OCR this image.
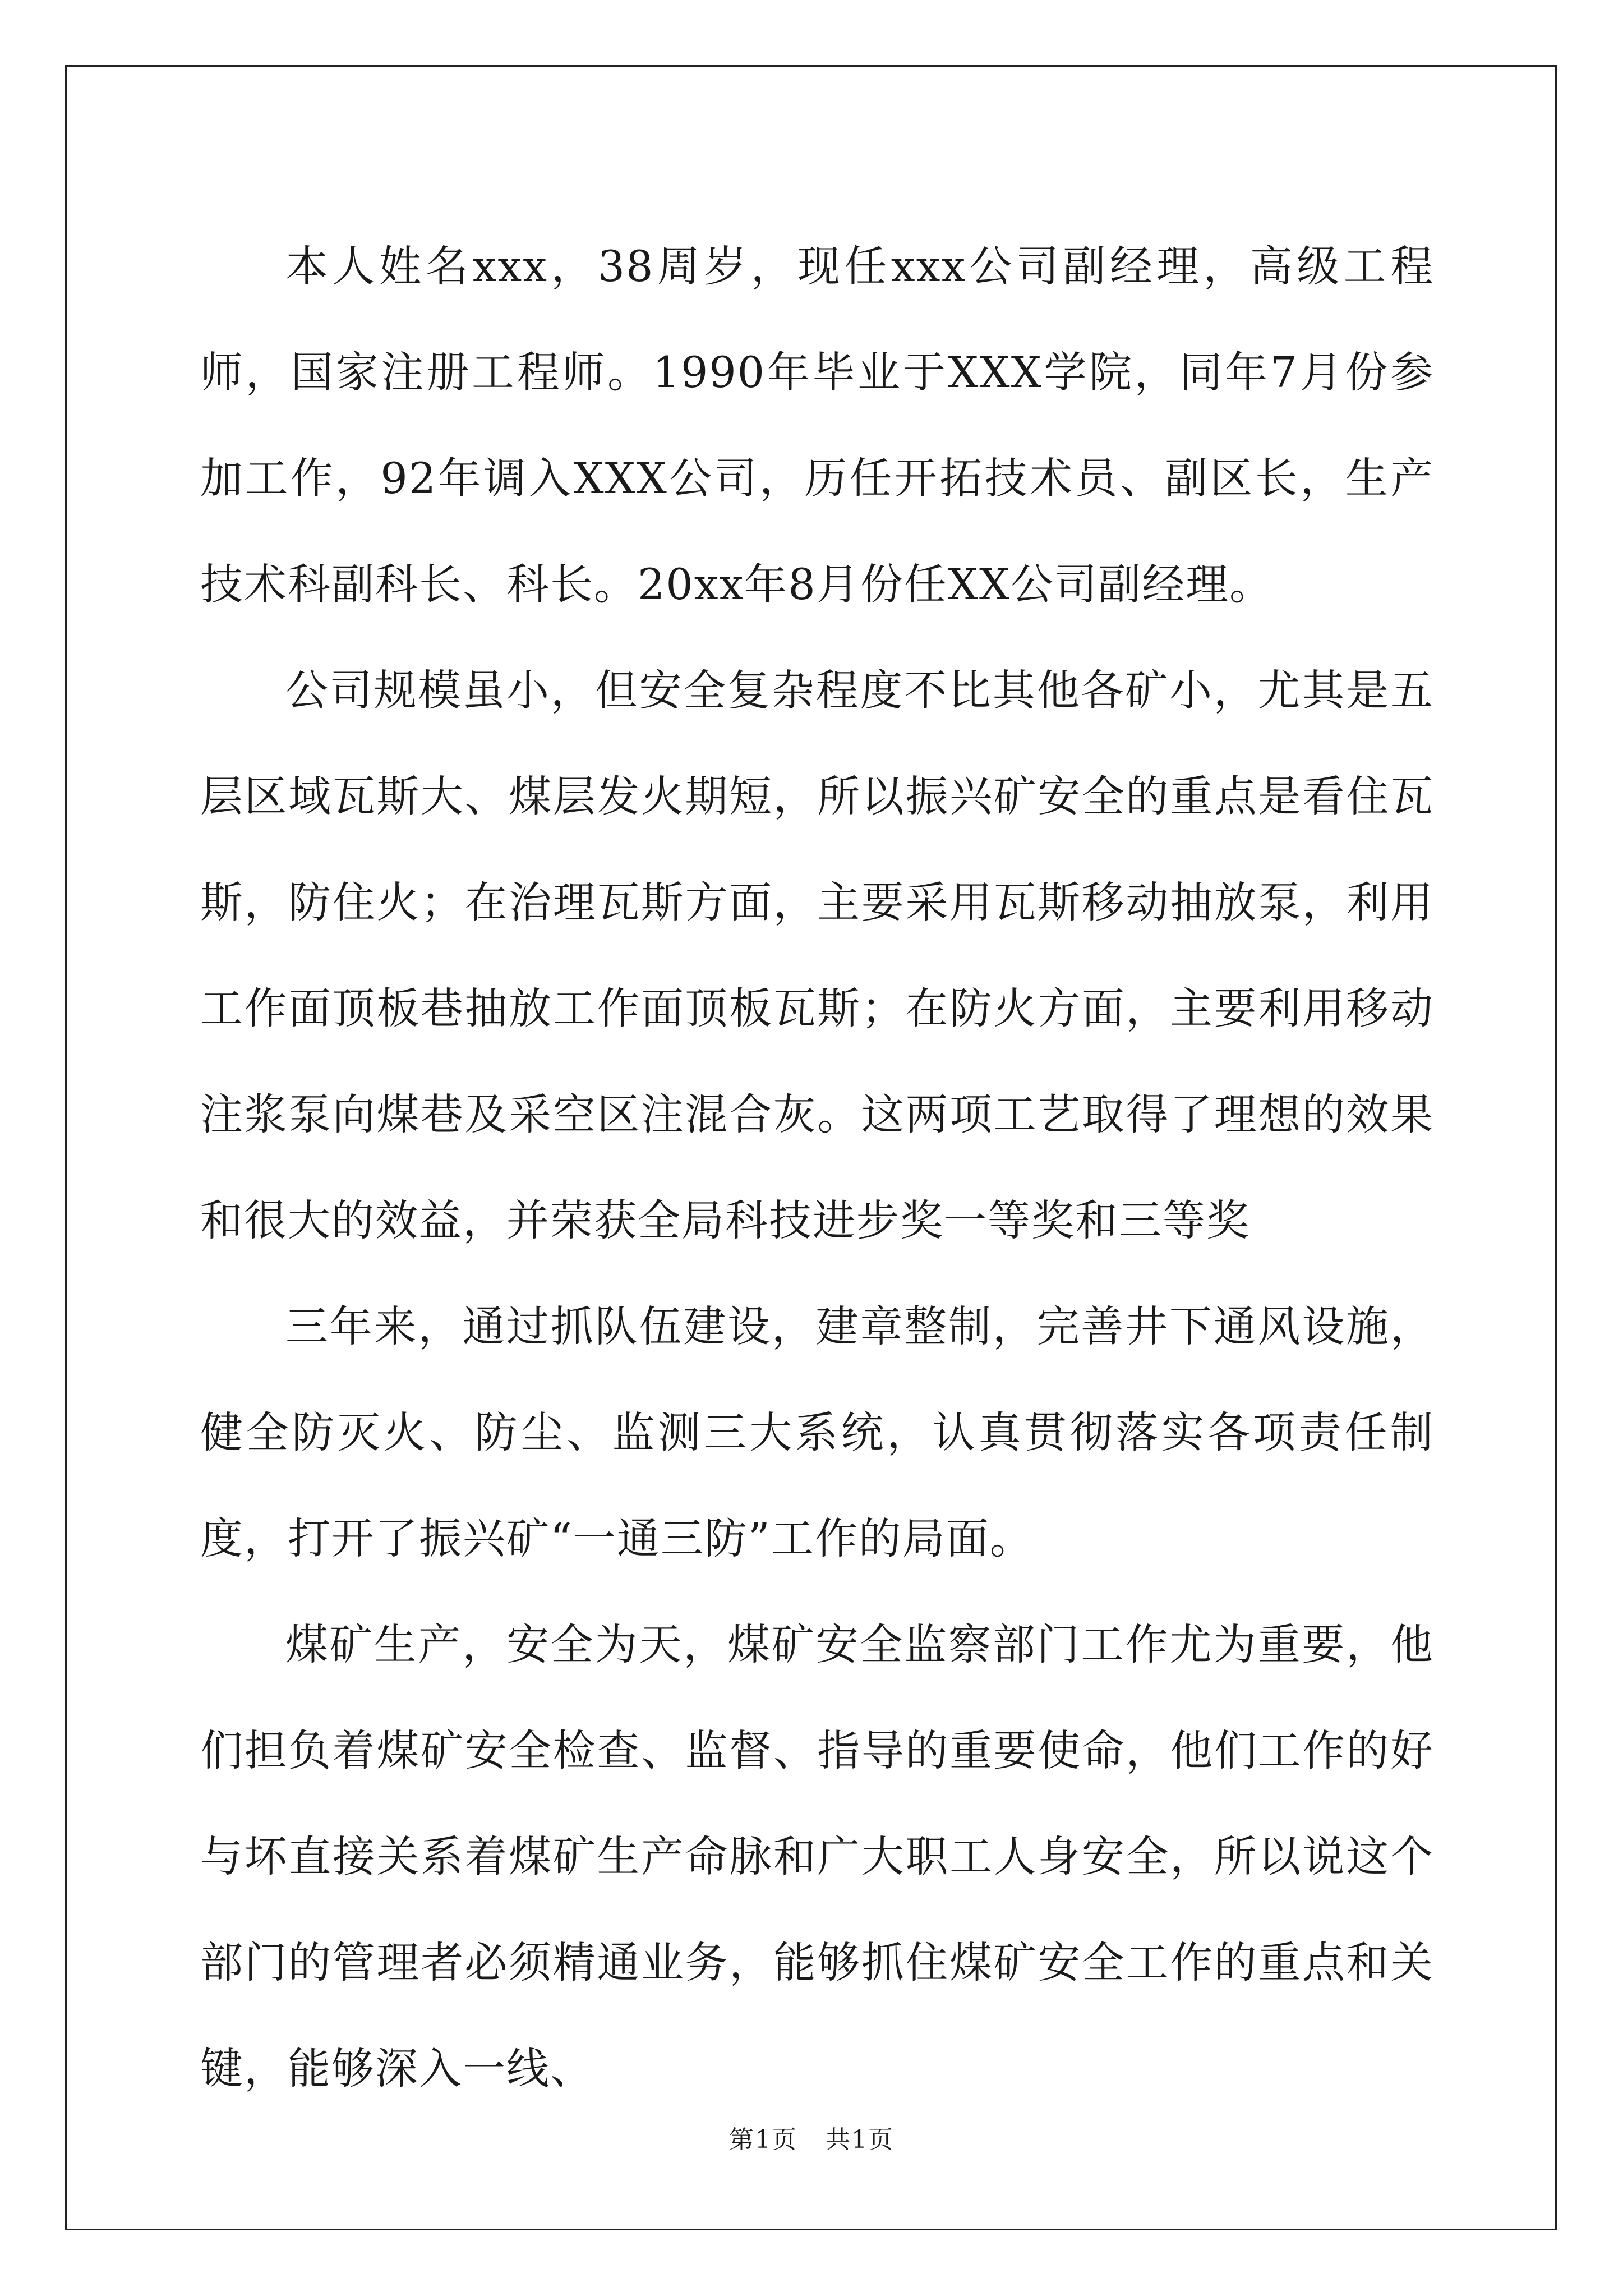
本人姓名xxx，38周岁，现任xxx公司副经理，高级工程师，国家注册工程师。1990年毕业于XXX学院，同年7月份参加工作，92年调入XXX公司，历任开拓技术员、副区长，生产技术科副科长、科长。20xx年8月份任XX公司副经理。

公司规模虽小，但安全复杂程度不比其他各矿小，尤其是五层区域瓦斯大、煤层发火期短，所以振兴矿安全的重点是看住瓦斯，防住火；在治理瓦斯方面，主要采用瓦斯移动抽放泵，利用工作面顶板巷抽放工作面顶板瓦斯；在防火方面，主要利用移动注浆泵向煤巷及采空区注混合灰。这两项工艺取得了理想的效果和很大的效益，并荣获全局科技进步奖一等奖和三等奖

三年来，通过抓队伍建设，建章整制，完善井下通风设施，健全防灭火、防尘、监测三大系统，认真贯彻落实各项责任制度，打开了振兴矿“一通三防”工作的局面。

煤矿生产，安全为天，煤矿安全监察部门工作尤为重要，他们担负着煤矿安全检查、监督、指导的重要使命，他们工作的好与坏直接关系着煤矿生产命脉和广大职工人身安全，所以说这个部门的管理者必须精通业务，能够抓住煤矿安全工作的重点和关键，能够深入一线、

第1页 共1页
